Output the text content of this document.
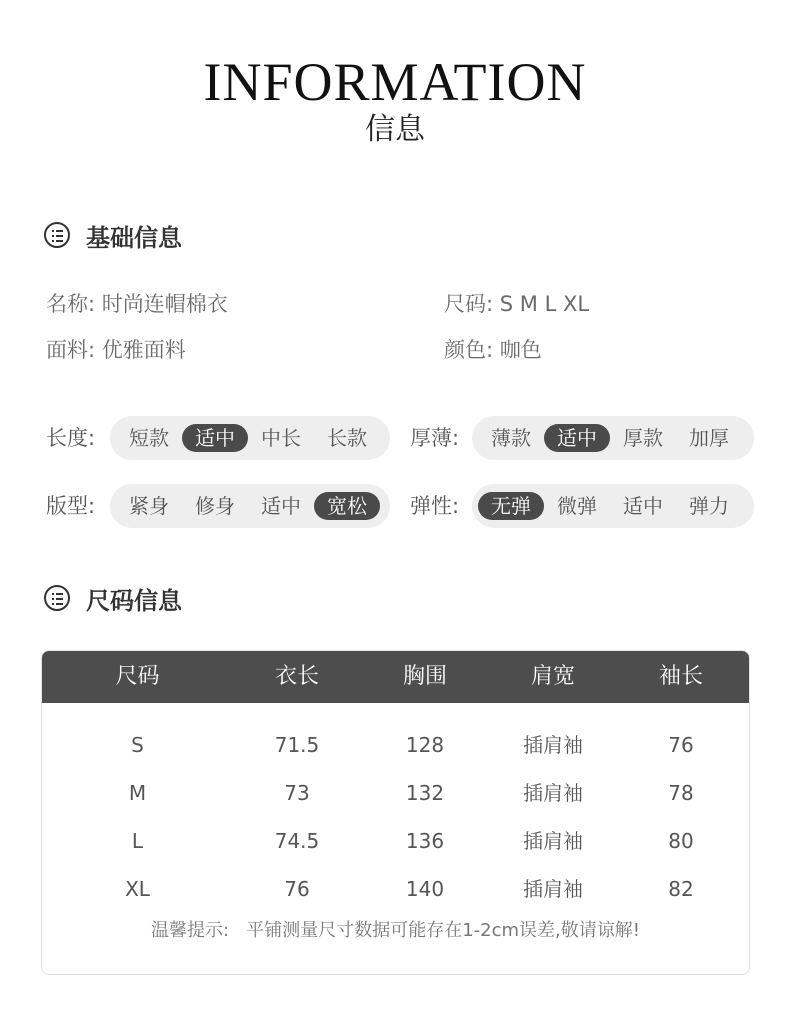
INFORMATION
信息
基础信息
名称: 时尚连帽棉衣	尺码: S M L XL
面料: 优雅面料	颜色: 咖色
长度:	短款	适中	中长	长款	厚薄:	薄款	适中	厚款	加厚
版型:	紧身	修身	适中	宽松	弹性:	无弹	微弹	适中	弹力
尺码信息
尺码	衣长	胸围	肩宽	袖长
S	71.5	128	插肩袖	76
M	73	132	插肩袖	78
L	74.5	136	插肩袖	80
XL	76	140	插肩袖	82
温馨提示:   平铺测量尺寸数据可能存在1-2cm误差,敬请谅解!
